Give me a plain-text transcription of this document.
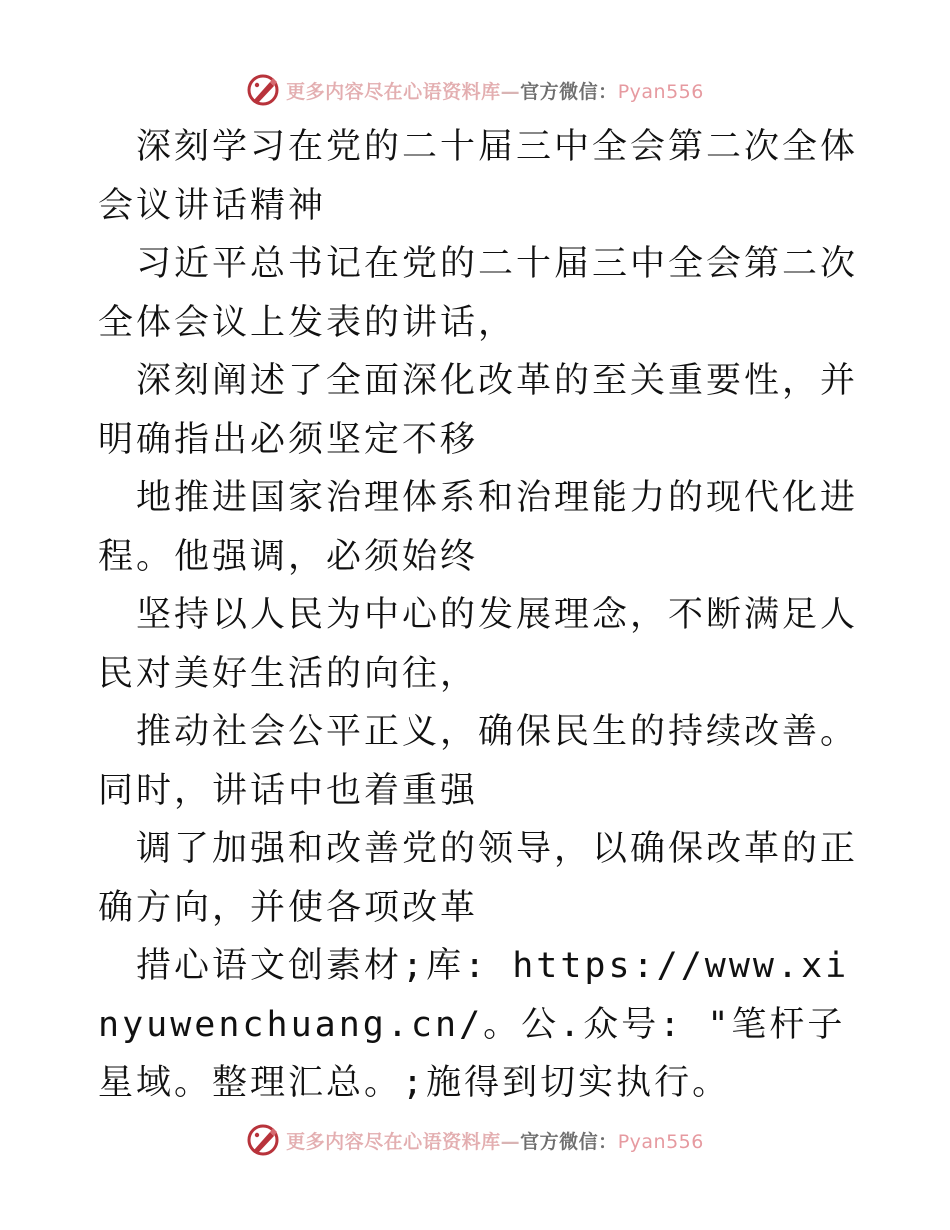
更多内容尽在心语资料库—官方微信：Pyan556

深刻学习在党的二十届三中全会第二次全体会议讲话精神

习近平总书记在党的二十届三中全会第二次全体会议上发表的讲话，

深刻阐述了全面深化改革的至关重要性，并明确指出必须坚定不移

地推进国家治理体系和治理能力的现代化进程。他强调，必须始终

坚持以人民为中心的发展理念，不断满足人民对美好生活的向往，

推动社会公平正义，确保民生的持续改善。同时，讲话中也着重强

调了加强和改善党的领导，以确保改革的正确方向，并使各项改革

措心语文创素材;库: https://www.xinyuwenchuang.cn/。公.众号: "笔杆子星域。整理汇总。;施得到切实执行。

更多内容尽在心语资料库—官方微信：Pyan556
